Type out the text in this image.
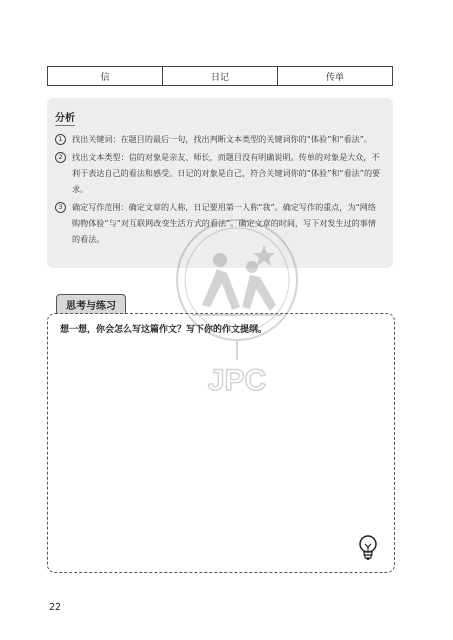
信	日记	传单
分析
1	找出关键词：在题目的最后一句，找出判断文本类型的关键词你的“体验”和“看法”。
2	找出文本类型：信的对象是亲友、师长，而题目没有明确说明。传单的对象是大众，不利于表达自己的看法和感受。日记的对象是自己，符合关键词你的“体验”和“看法”的要求。
3	确定写作范围：确定文章的人称，日记要用第一人称“我”。确定写作的重点，为“网络购物体验”与“对互联网改变生活方式的看法”。确定文章的时间，写下对发生过的事情的看法。
JPC
思考与练习
想一想，你会怎么写这篇作文？写下你的作文提纲。
22
